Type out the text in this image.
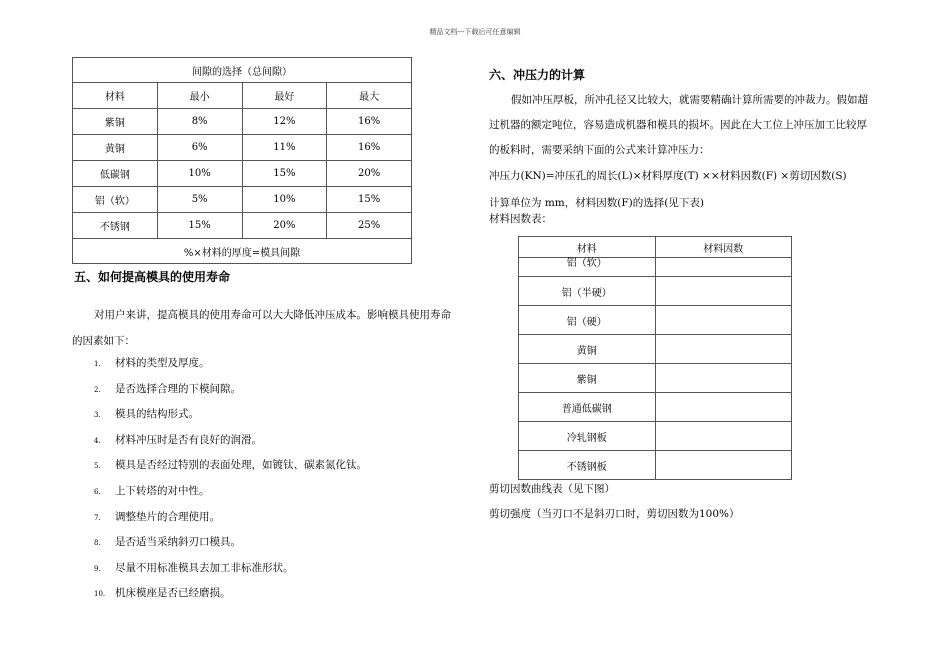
精品文档---下载后可任意编辑
间隙的选择（总间隙）			
材料	最小	最好	最大
紫铜	8%	12%	16%
黄铜	6%	11%	16%
低碳钢	10%	15%	20%
铝（软）	5%	10%	15%
不锈钢	15%	20%	25%
%×材料的厚度=模具间隙			
五、如何提高模具的使用寿命
对用户来讲，提高模具的使用寿命可以大大降低冲压成本。影响模具使用寿命的因素如下：
1. 材料的类型及厚度。
2. 是否选择合理的下模间隙。
3. 模具的结构形式。
4. 材料冲压时是否有良好的润滑。
5. 模具是否经过特别的表面处理，如镀钛、碳素氮化钛。
6. 上下转塔的对中性。
7. 调整垫片的合理使用。
8. 是否适当采纳斜刃口模具。
9. 尽量不用标准模具去加工非标准形状。
10. 机床模座是否已经磨损。
六、冲压力的计算
假如冲压厚板，所冲孔径又比较大，就需要精确计算所需要的冲裁力。假如超过机器的额定吨位，容易造成机器和模具的损坏。因此在大工位上冲压加工比较厚的板料时，需要采纳下面的公式来计算冲压力：
冲压力(KN)=冲压孔的周长(L)×材料厚度(T) ××材料因数(F) ×剪切因数(S)
计算单位为 mm，材料因数(F)的选择(见下表)
材料因数表：
材料	材料因数
铝（软）	
铝（半硬）	
铝（硬）	
黄铜	
紫铜	
普通低碳钢	
冷轧钢板	
不锈钢板	
剪切因数曲线表（见下图）
剪切强度（当刃口不是斜刃口时，剪切因数为100%）
